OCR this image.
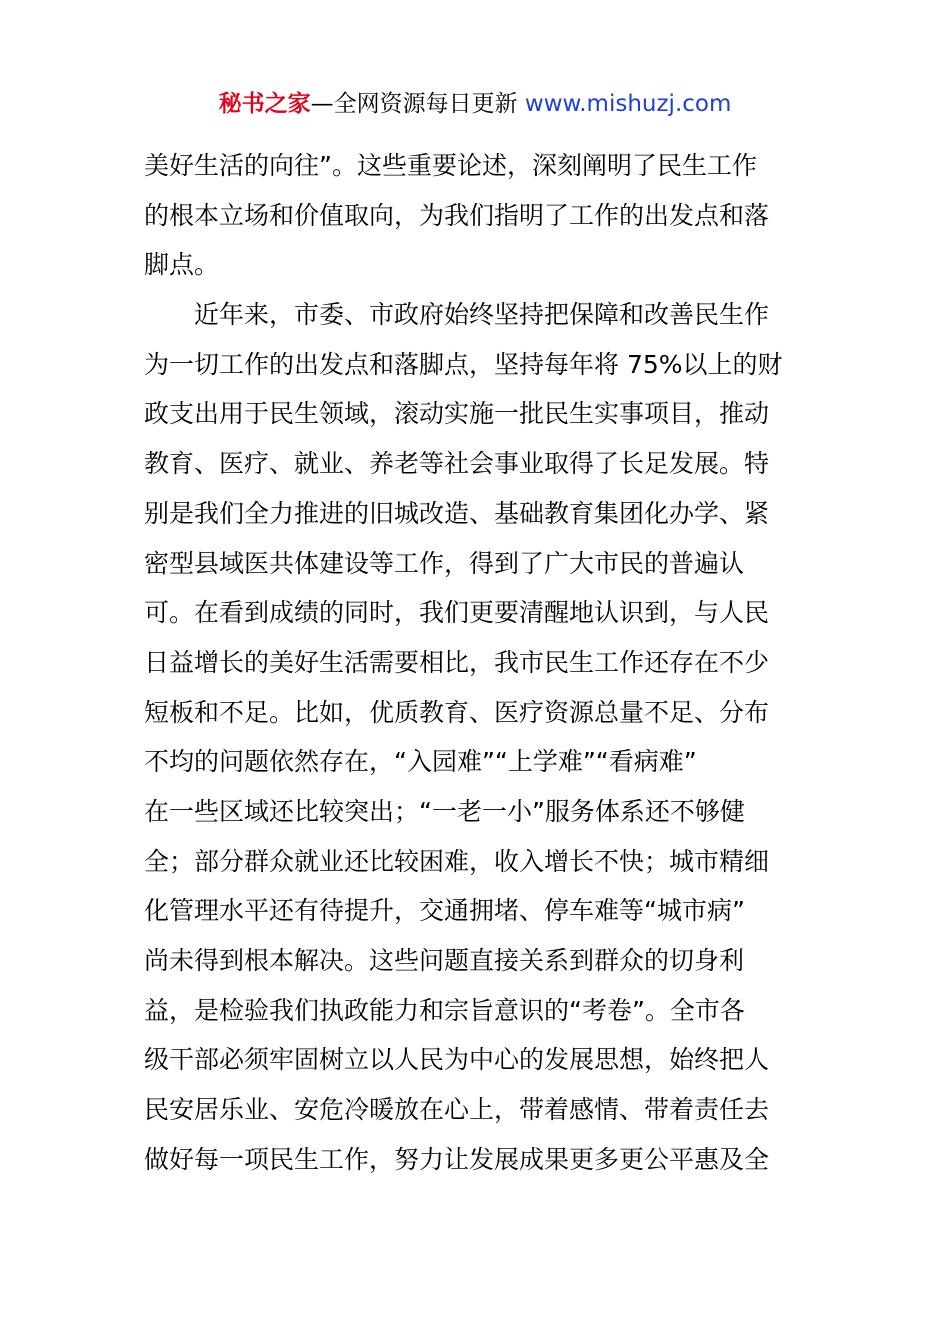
秘书之家—全网资源每日更新 www.mishuzj.com
美好生活的向往”。这些重要论述，深刻阐明了民生工作
的根本立场和价值取向，为我们指明了工作的出发点和落
脚点。
近年来，市委、市政府始终坚持把保障和改善民生作
为一切工作的出发点和落脚点，坚持每年将 75%以上的财
政支出用于民生领域，滚动实施一批民生实事项目，推动
教育、医疗、就业、养老等社会事业取得了长足发展。特
别是我们全力推进的旧城改造、基础教育集团化办学、紧
密型县域医共体建设等工作，得到了广大市民的普遍认
可。在看到成绩的同时，我们更要清醒地认识到，与人民
日益增长的美好生活需要相比，我市民生工作还存在不少
短板和不足。比如，优质教育、医疗资源总量不足、分布
不均的问题依然存在，“入园难”“上学难”“看病难”
在一些区域还比较突出；“一老一小”服务体系还不够健
全；部分群众就业还比较困难，收入增长不快；城市精细
化管理水平还有待提升，交通拥堵、停车难等“城市病”
尚未得到根本解决。这些问题直接关系到群众的切身利
益，是检验我们执政能力和宗旨意识的“考卷”。全市各
级干部必须牢固树立以人民为中心的发展思想，始终把人
民安居乐业、安危冷暖放在心上，带着感情、带着责任去
做好每一项民生工作，努力让发展成果更多更公平惠及全
